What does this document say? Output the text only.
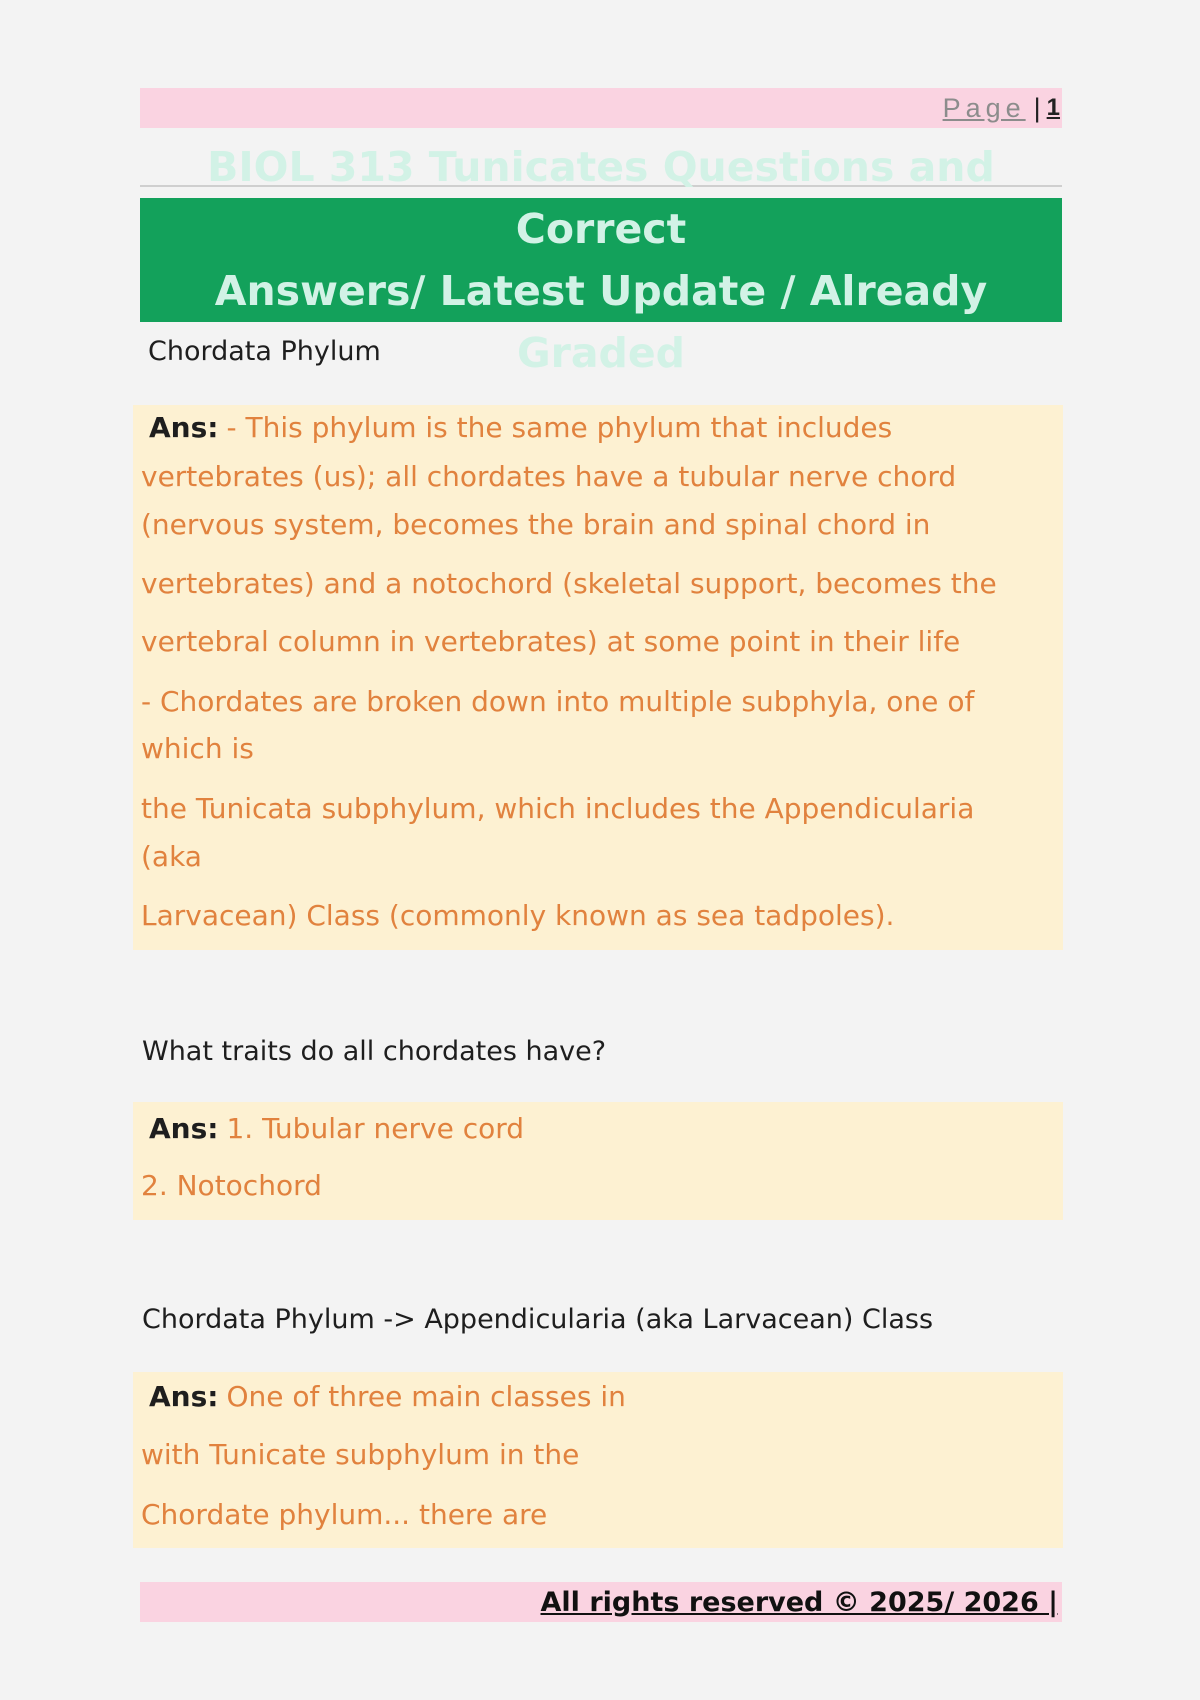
Page | 1
BIOL 313 Tunicates Questions and Correct
Answers/ Latest Update / Already Graded
Chordata Phylum
Ans: - This phylum is the same phylum that includes
vertebrates (us); all chordates have a tubular nerve chord
(nervous system, becomes the brain and spinal chord in
vertebrates) and a notochord (skeletal support, becomes the
vertebral column in vertebrates) at some point in their life
- Chordates are broken down into multiple subphyla, one of
which is
the Tunicata subphylum, which includes the Appendicularia
(aka
Larvacean) Class (commonly known as sea tadpoles).
What traits do all chordates have?
Ans: 1. Tubular nerve cord
2. Notochord
Chordata Phylum -> Appendicularia (aka Larvacean) Class
Ans: One of three main classes in
with Tunicate subphylum in the
Chordate phylum... there are
All rights reserved © 2025/ 2026 |
